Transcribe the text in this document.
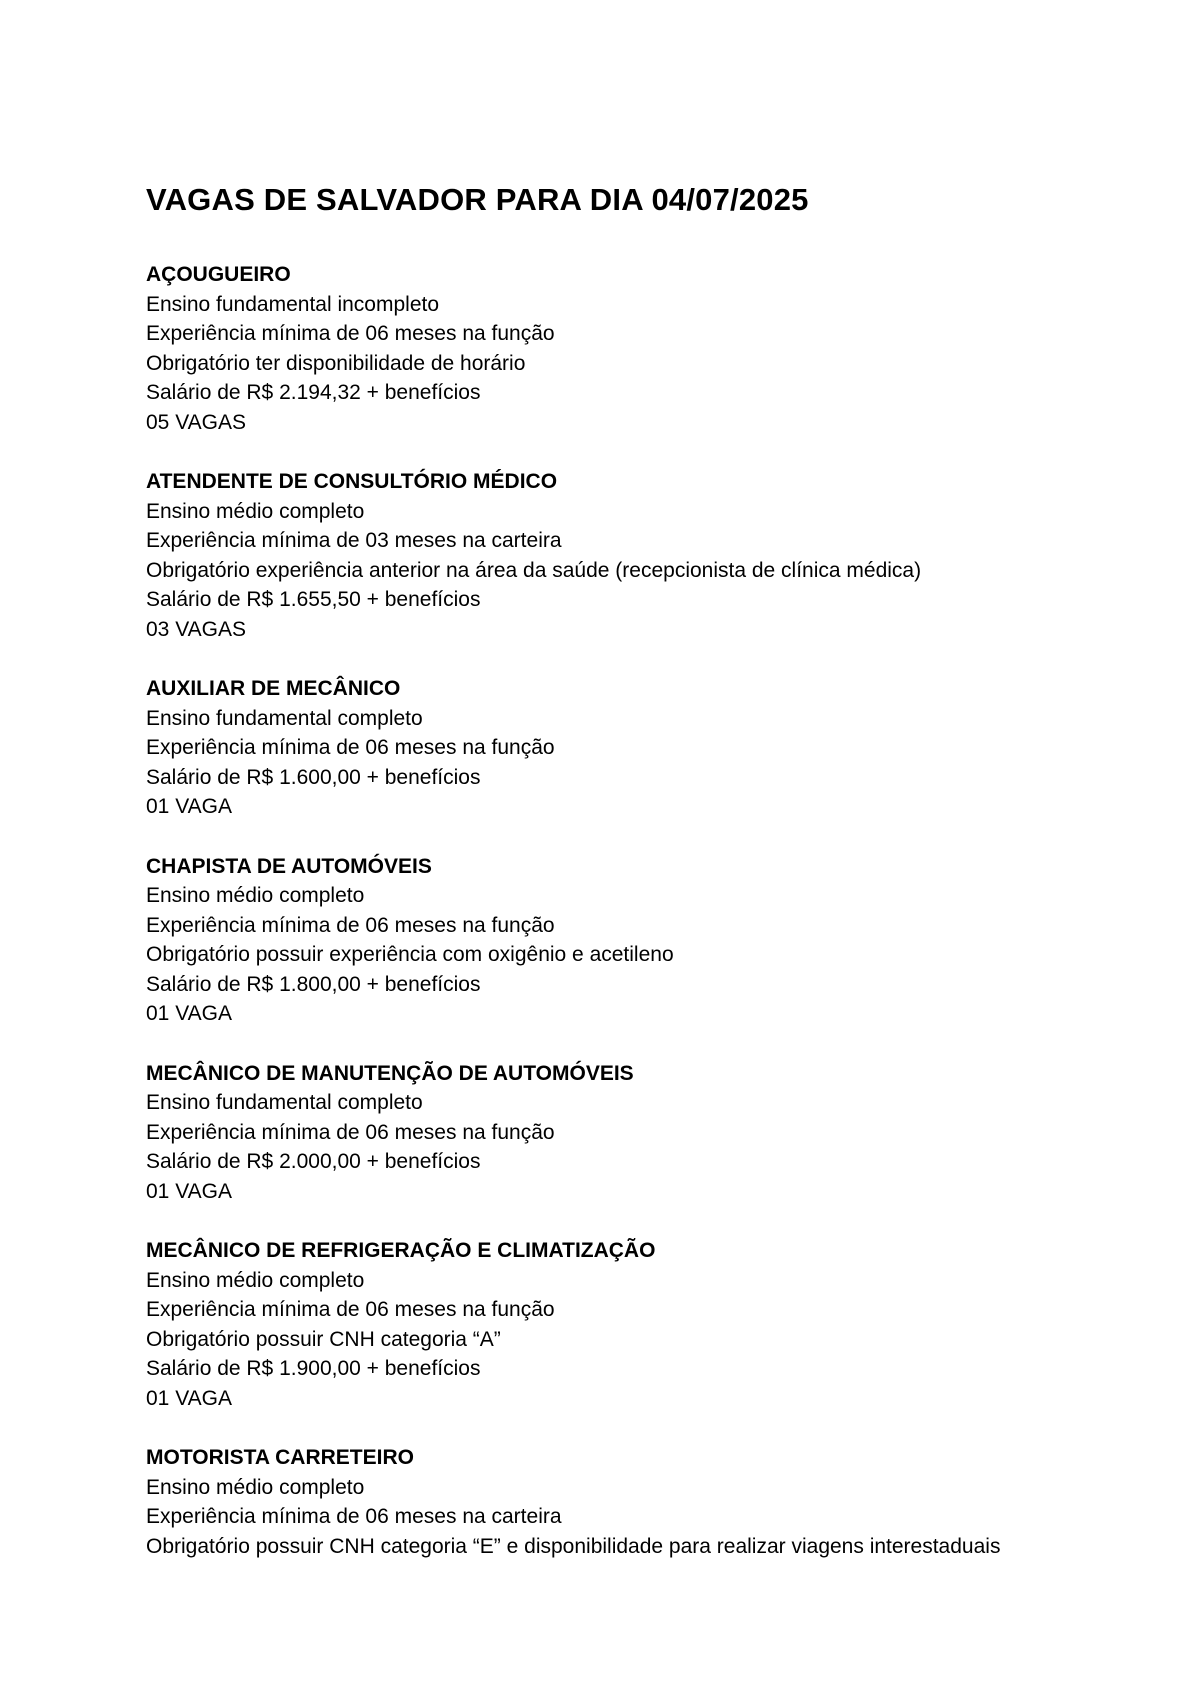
VAGAS DE SALVADOR PARA DIA 04/07/2025

AÇOUGUEIRO

Ensino fundamental incompleto

Experiência mínima de 06 meses na função

Obrigatório ter disponibilidade de horário

Salário de R$ 2.194,32 + benefícios

05 VAGAS

ATENDENTE DE CONSULTÓRIO MÉDICO

Ensino médio completo

Experiência mínima de 03 meses na carteira

Obrigatório experiência anterior na área da saúde (recepcionista de clínica médica)

Salário de R$ 1.655,50 + benefícios

03 VAGAS

AUXILIAR DE MECÂNICO

Ensino fundamental completo

Experiência mínima de 06 meses na função

Salário de R$ 1.600,00 + benefícios

01 VAGA

CHAPISTA DE AUTOMÓVEIS

Ensino médio completo

Experiência mínima de 06 meses na função

Obrigatório possuir experiência com oxigênio e acetileno

Salário de R$ 1.800,00 + benefícios

01 VAGA

MECÂNICO DE MANUTENÇÃO DE AUTOMÓVEIS

Ensino fundamental completo

Experiência mínima de 06 meses na função

Salário de R$ 2.000,00 + benefícios

01 VAGA

MECÂNICO DE REFRIGERAÇÃO E CLIMATIZAÇÃO

Ensino médio completo

Experiência mínima de 06 meses na função

Obrigatório possuir CNH categoria “A”

Salário de R$ 1.900,00 + benefícios

01 VAGA

MOTORISTA CARRETEIRO

Ensino médio completo

Experiência mínima de 06 meses na carteira

Obrigatório possuir CNH categoria “E” e disponibilidade para realizar viagens interestaduais
